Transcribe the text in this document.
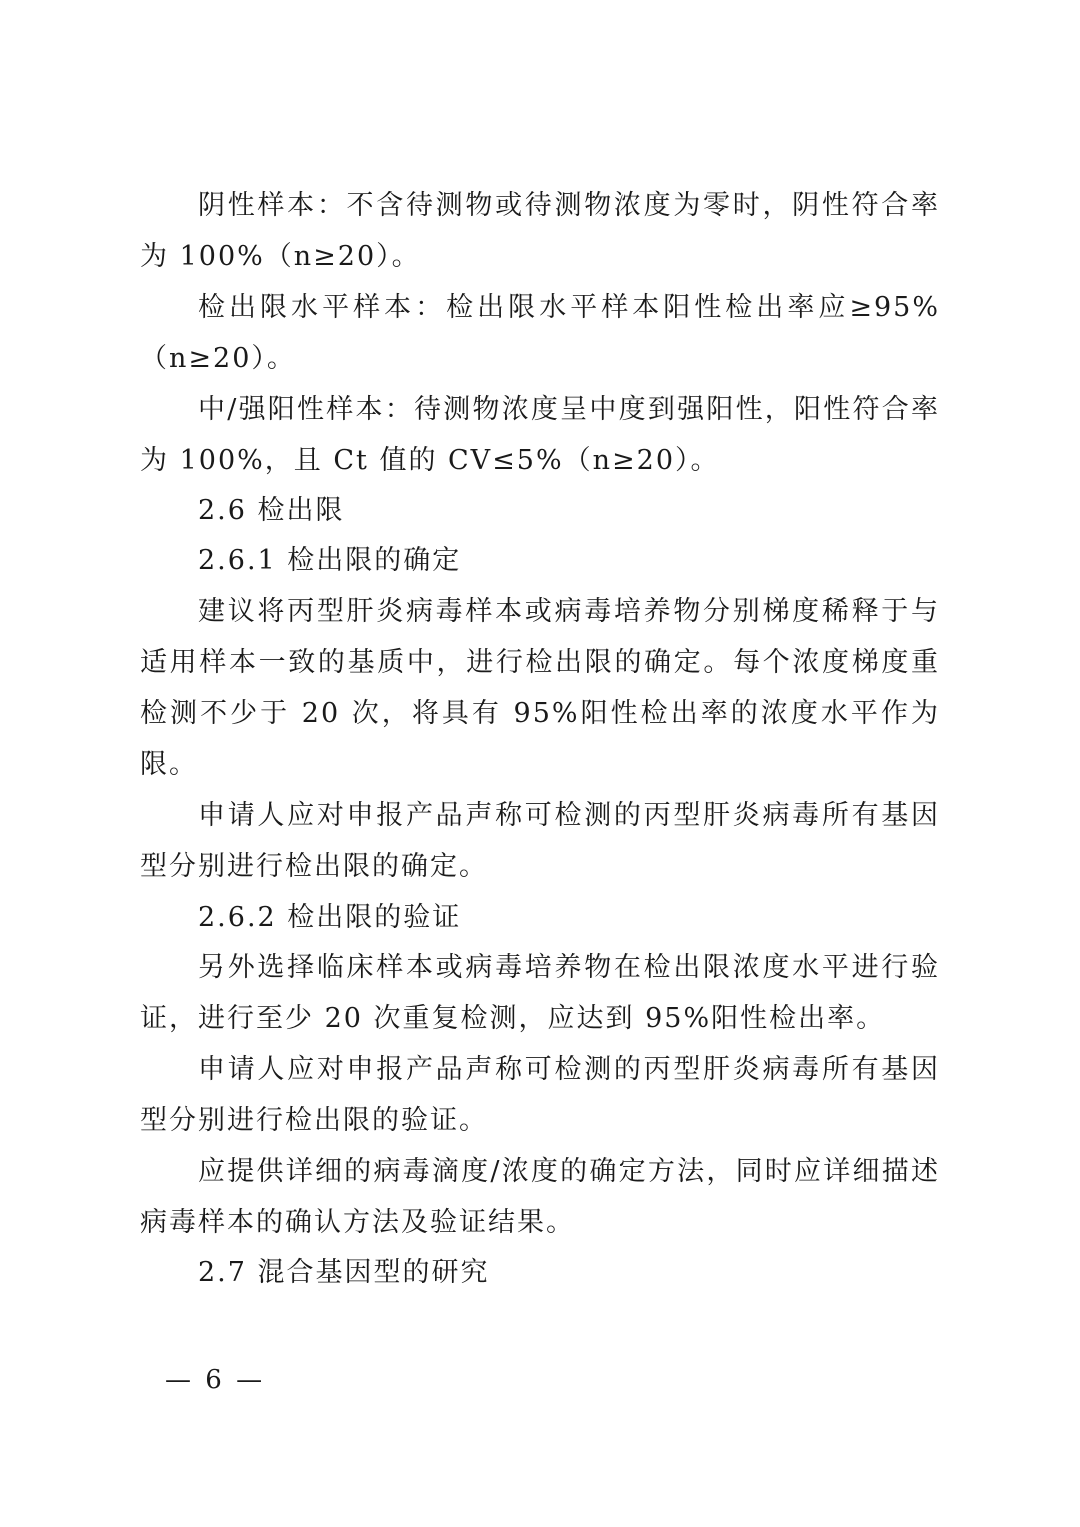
阴性样本：不含待测物或待测物浓度为零时，阴性符合率
为 100%（n≥20）。
检出限水平样本：检出限水平样本阳性检出率应≥95%
（n≥20）。
中/强阳性样本：待测物浓度呈中度到强阳性，阳性符合率
为 100%，且 Ct 值的 CV≤5%（n≥20）。
2.6 检出限
2.6.1 检出限的确定
建议将丙型肝炎病毒样本或病毒培养物分别梯度稀释于与
适用样本一致的基质中，进行检出限的确定。每个浓度梯度重
检测不少于 20 次，将具有 95%阳性检出率的浓度水平作为
限。
申请人应对申报产品声称可检测的丙型肝炎病毒所有基因
型分别进行检出限的确定。
2.6.2 检出限的验证
另外选择临床样本或病毒培养物在检出限浓度水平进行验
证，进行至少 20 次重复检测，应达到 95%阳性检出率。
申请人应对申报产品声称可检测的丙型肝炎病毒所有基因
型分别进行检出限的验证。
应提供详细的病毒滴度/浓度的确定方法，同时应详细描述
病毒样本的确认方法及验证结果。
2.7 混合基因型的研究
— 6 —
